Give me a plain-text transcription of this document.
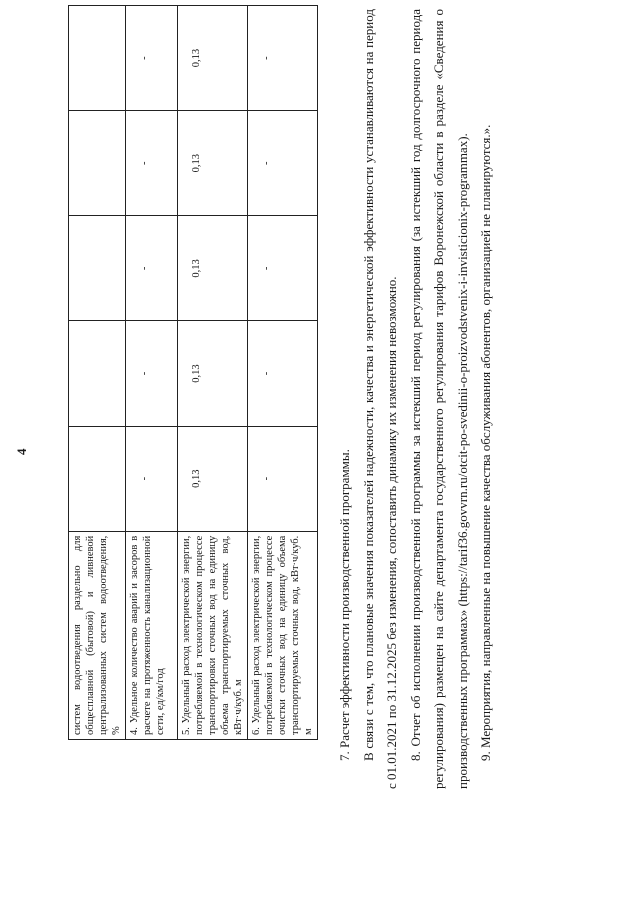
4
систем водоотведения раздельно для общесплавной (бытовой) и ливневой централизованных систем водоотведения, %					
4. Удельное количество аварий и засоров в расчете на протяженность канализационной сети, ед/км/год	-	-	-	-	-
5. Удельный расход электрической энергии, потребляемой в технологическом процессе транспортировки сточных вод на единицу объема транспортируемых сточных вод, кВт·ч/куб. м	0,13	0,13	0,13	0,13	0,13
6. Удельный расход электрической энергии, потребляемой в технологическом процессе очистки сточных вод на единицу объема транспортируемых сточных вод, кВт·ч/куб. м	-	-	-	-	-

7. Расчет эффективности производственной программы. В связи с тем, что плановые значения показателей надежности, качества и энергетической эффективности устанавливаются на период с 01.01.2021 по 31.12.2025 без изменения, сопоставить динамику их изменения невозможно. 8. Отчет об исполнении производственной программы за истекший период регулирования (за истекший год долгосрочного периода регулирования) размещен на сайте департамента государственного регулирования тарифов Воронежской области в разделе «Сведения о производственных программах» (https://tarif36.govvrn.ru/otcit-po-svedinii-o-proizvodstvenix-i-invisticionix-programmax). 9. Мероприятия, направленные на повышение качества обслуживания абонентов, организацией не планируются.».
